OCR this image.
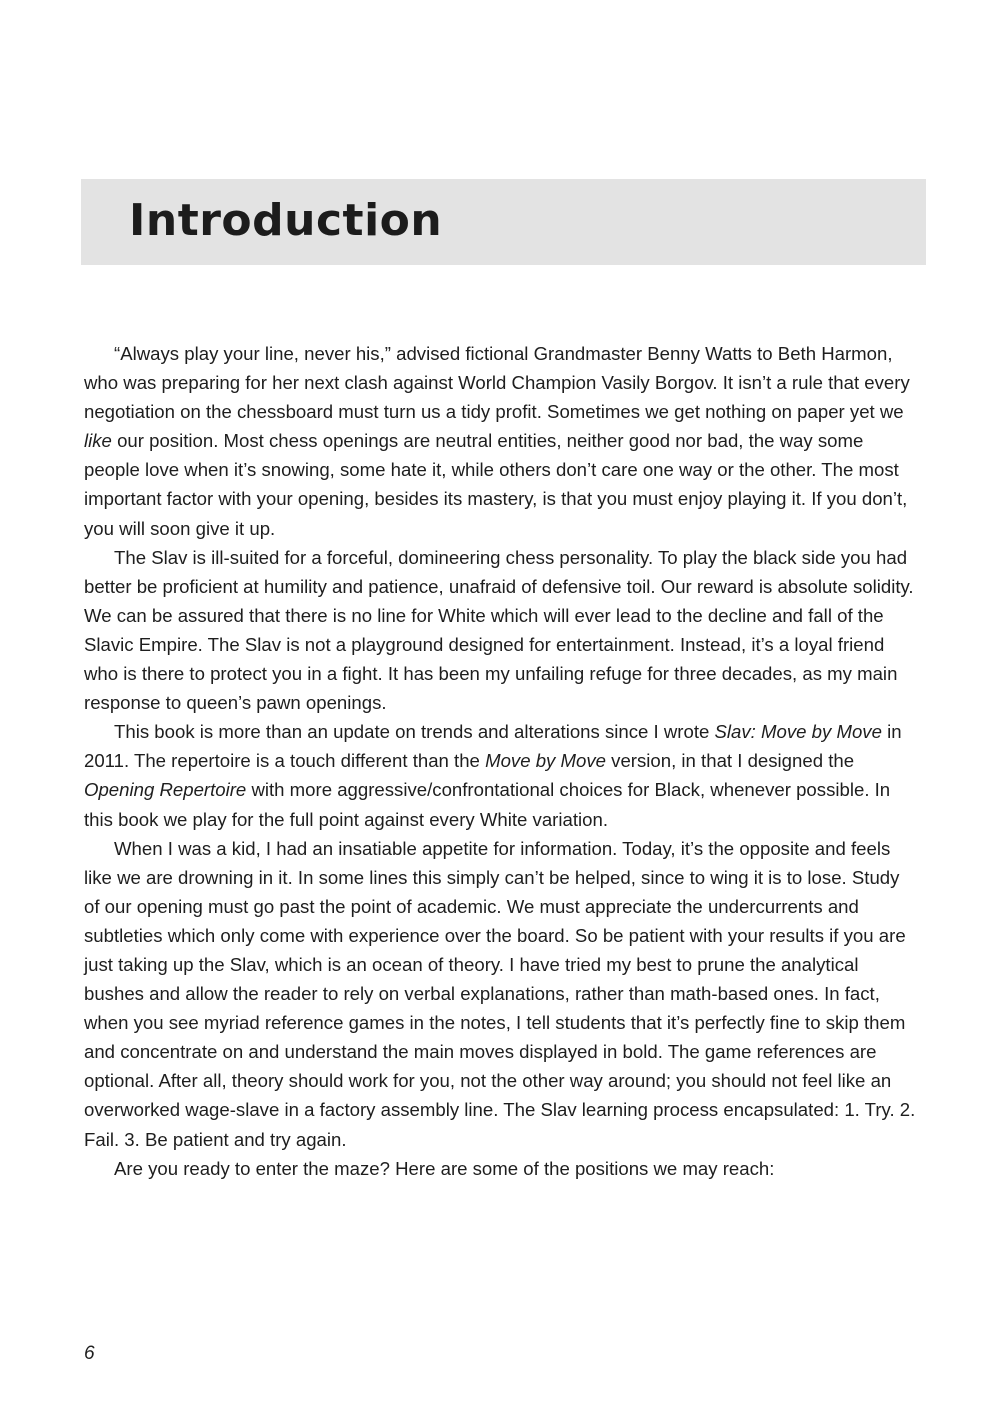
Introduction

“Always play your line, never his,” advised fictional Grandmaster Benny Watts to Beth Harmon, who was preparing for her next clash against World Champion Vasily Borgov. It isn’t a rule that every negotiation on the chessboard must turn us a tidy profit. Sometimes we get nothing on paper yet we like our position. Most chess openings are neutral entities, neither good nor bad, the way some people love when it’s snowing, some hate it, while others don’t care one way or the other. The most important factor with your opening, besides its mastery, is that you must enjoy playing it. If you don’t, you will soon give it up.

The Slav is ill-suited for a forceful, domineering chess personality. To play the black side you had better be proficient at humility and patience, unafraid of defensive toil. Our reward is absolute solidity. We can be assured that there is no line for White which will ever lead to the decline and fall of the Slavic Empire. The Slav is not a playground designed for entertainment. Instead, it’s a loyal friend who is there to protect you in a fight. It has been my unfailing refuge for three decades, as my main response to queen’s pawn openings.

This book is more than an update on trends and alterations since I wrote Slav: Move by Move in 2011. The repertoire is a touch different than the Move by Move version, in that I designed the Opening Repertoire with more aggressive/confrontational choices for Black, whenever possible. In this book we play for the full point against every White variation.

When I was a kid, I had an insatiable appetite for information. Today, it’s the opposite and feels like we are drowning in it. In some lines this simply can’t be helped, since to wing it is to lose. Study of our opening must go past the point of academic. We must appreciate the undercurrents and subtleties which only come with experience over the board. So be patient with your results if you are just taking up the Slav, which is an ocean of theory. I have tried my best to prune the analytical bushes and allow the reader to rely on verbal explanations, rather than math-based ones. In fact, when you see myriad reference games in the notes, I tell students that it’s perfectly fine to skip them and concentrate on and understand the main moves displayed in bold. The game references are optional. After all, theory should work for you, not the other way around; you should not feel like an overworked wage-slave in a factory assembly line. The Slav learning process encapsulated: 1. Try. 2. Fail. 3. Be patient and try again.

Are you ready to enter the maze? Here are some of the positions we may reach:

6
